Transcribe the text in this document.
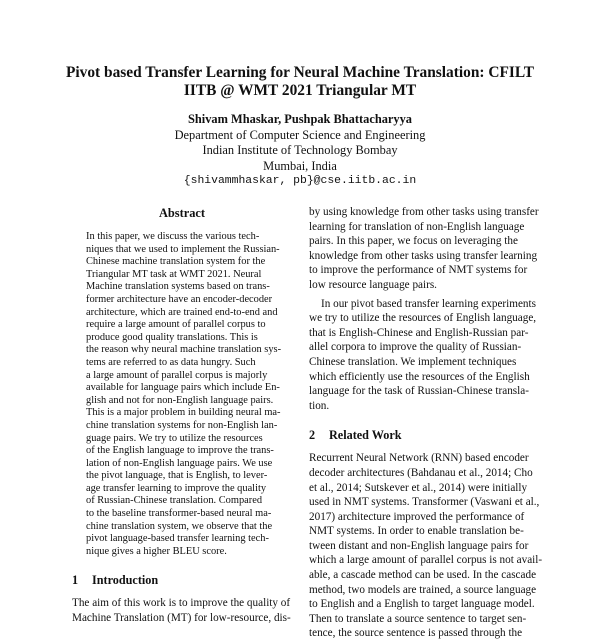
Pivot based Transfer Learning for Neural Machine Translation: CFILT
IITB @ WMT 2021 Triangular MT
Shivam Mhaskar, Pushpak Bhattacharyya
Department of Computer Science and Engineering
Indian Institute of Technology Bombay
Mumbai, India
{shivammhaskar, pb}@cse.iitb.ac.in
Abstract
In this paper, we discuss the various tech-
niques that we used to implement the Russian-
Chinese machine translation system for the
Triangular MT task at WMT 2021. Neural
Machine translation systems based on trans-
former architecture have an encoder-decoder
architecture, which are trained end-to-end and
require a large amount of parallel corpus to
produce good quality translations. This is
the reason why neural machine translation sys-
tems are referred to as data hungry. Such
a large amount of parallel corpus is majorly
available for language pairs which include En-
glish and not for non-English language pairs.
This is a major problem in building neural ma-
chine translation systems for non-English lan-
guage pairs. We try to utilize the resources
of the English language to improve the trans-
lation of non-English language pairs. We use
the pivot language, that is English, to lever-
age transfer learning to improve the quality
of Russian-Chinese translation. Compared
to the baseline transformer-based neural ma-
chine translation system, we observe that the
pivot language-based transfer learning tech-
nique gives a higher BLEU score.
1 Introduction
The aim of this work is to improve the quality of
Machine Translation (MT) for low-resource, dis-
by using knowledge from other tasks using transfer
learning for translation of non-English language
pairs. In this paper, we focus on leveraging the
knowledge from other tasks using transfer learning
to improve the performance of NMT systems for
low resource language pairs.
In our pivot based transfer learning experiments
we try to utilize the resources of English language,
that is English-Chinese and English-Russian par-
allel corpora to improve the quality of Russian-
Chinese translation. We implement techniques
which efficiently use the resources of the English
language for the task of Russian-Chinese transla-
tion.
2 Related Work
Recurrent Neural Network (RNN) based encoder
decoder architectures (Bahdanau et al., 2014; Cho
et al., 2014; Sutskever et al., 2014) were initially
used in NMT systems. Transformer (Vaswani et al.,
2017) architecture improved the performance of
NMT systems. In order to enable translation be-
tween distant and non-English language pairs for
which a large amount of parallel corpus is not avail-
able, a cascade method can be used. In the cascade
method, two models are trained, a source language
to English and a English to target language model.
Then to translate a source sentence to target sen-
tence, the source sentence is passed through the
